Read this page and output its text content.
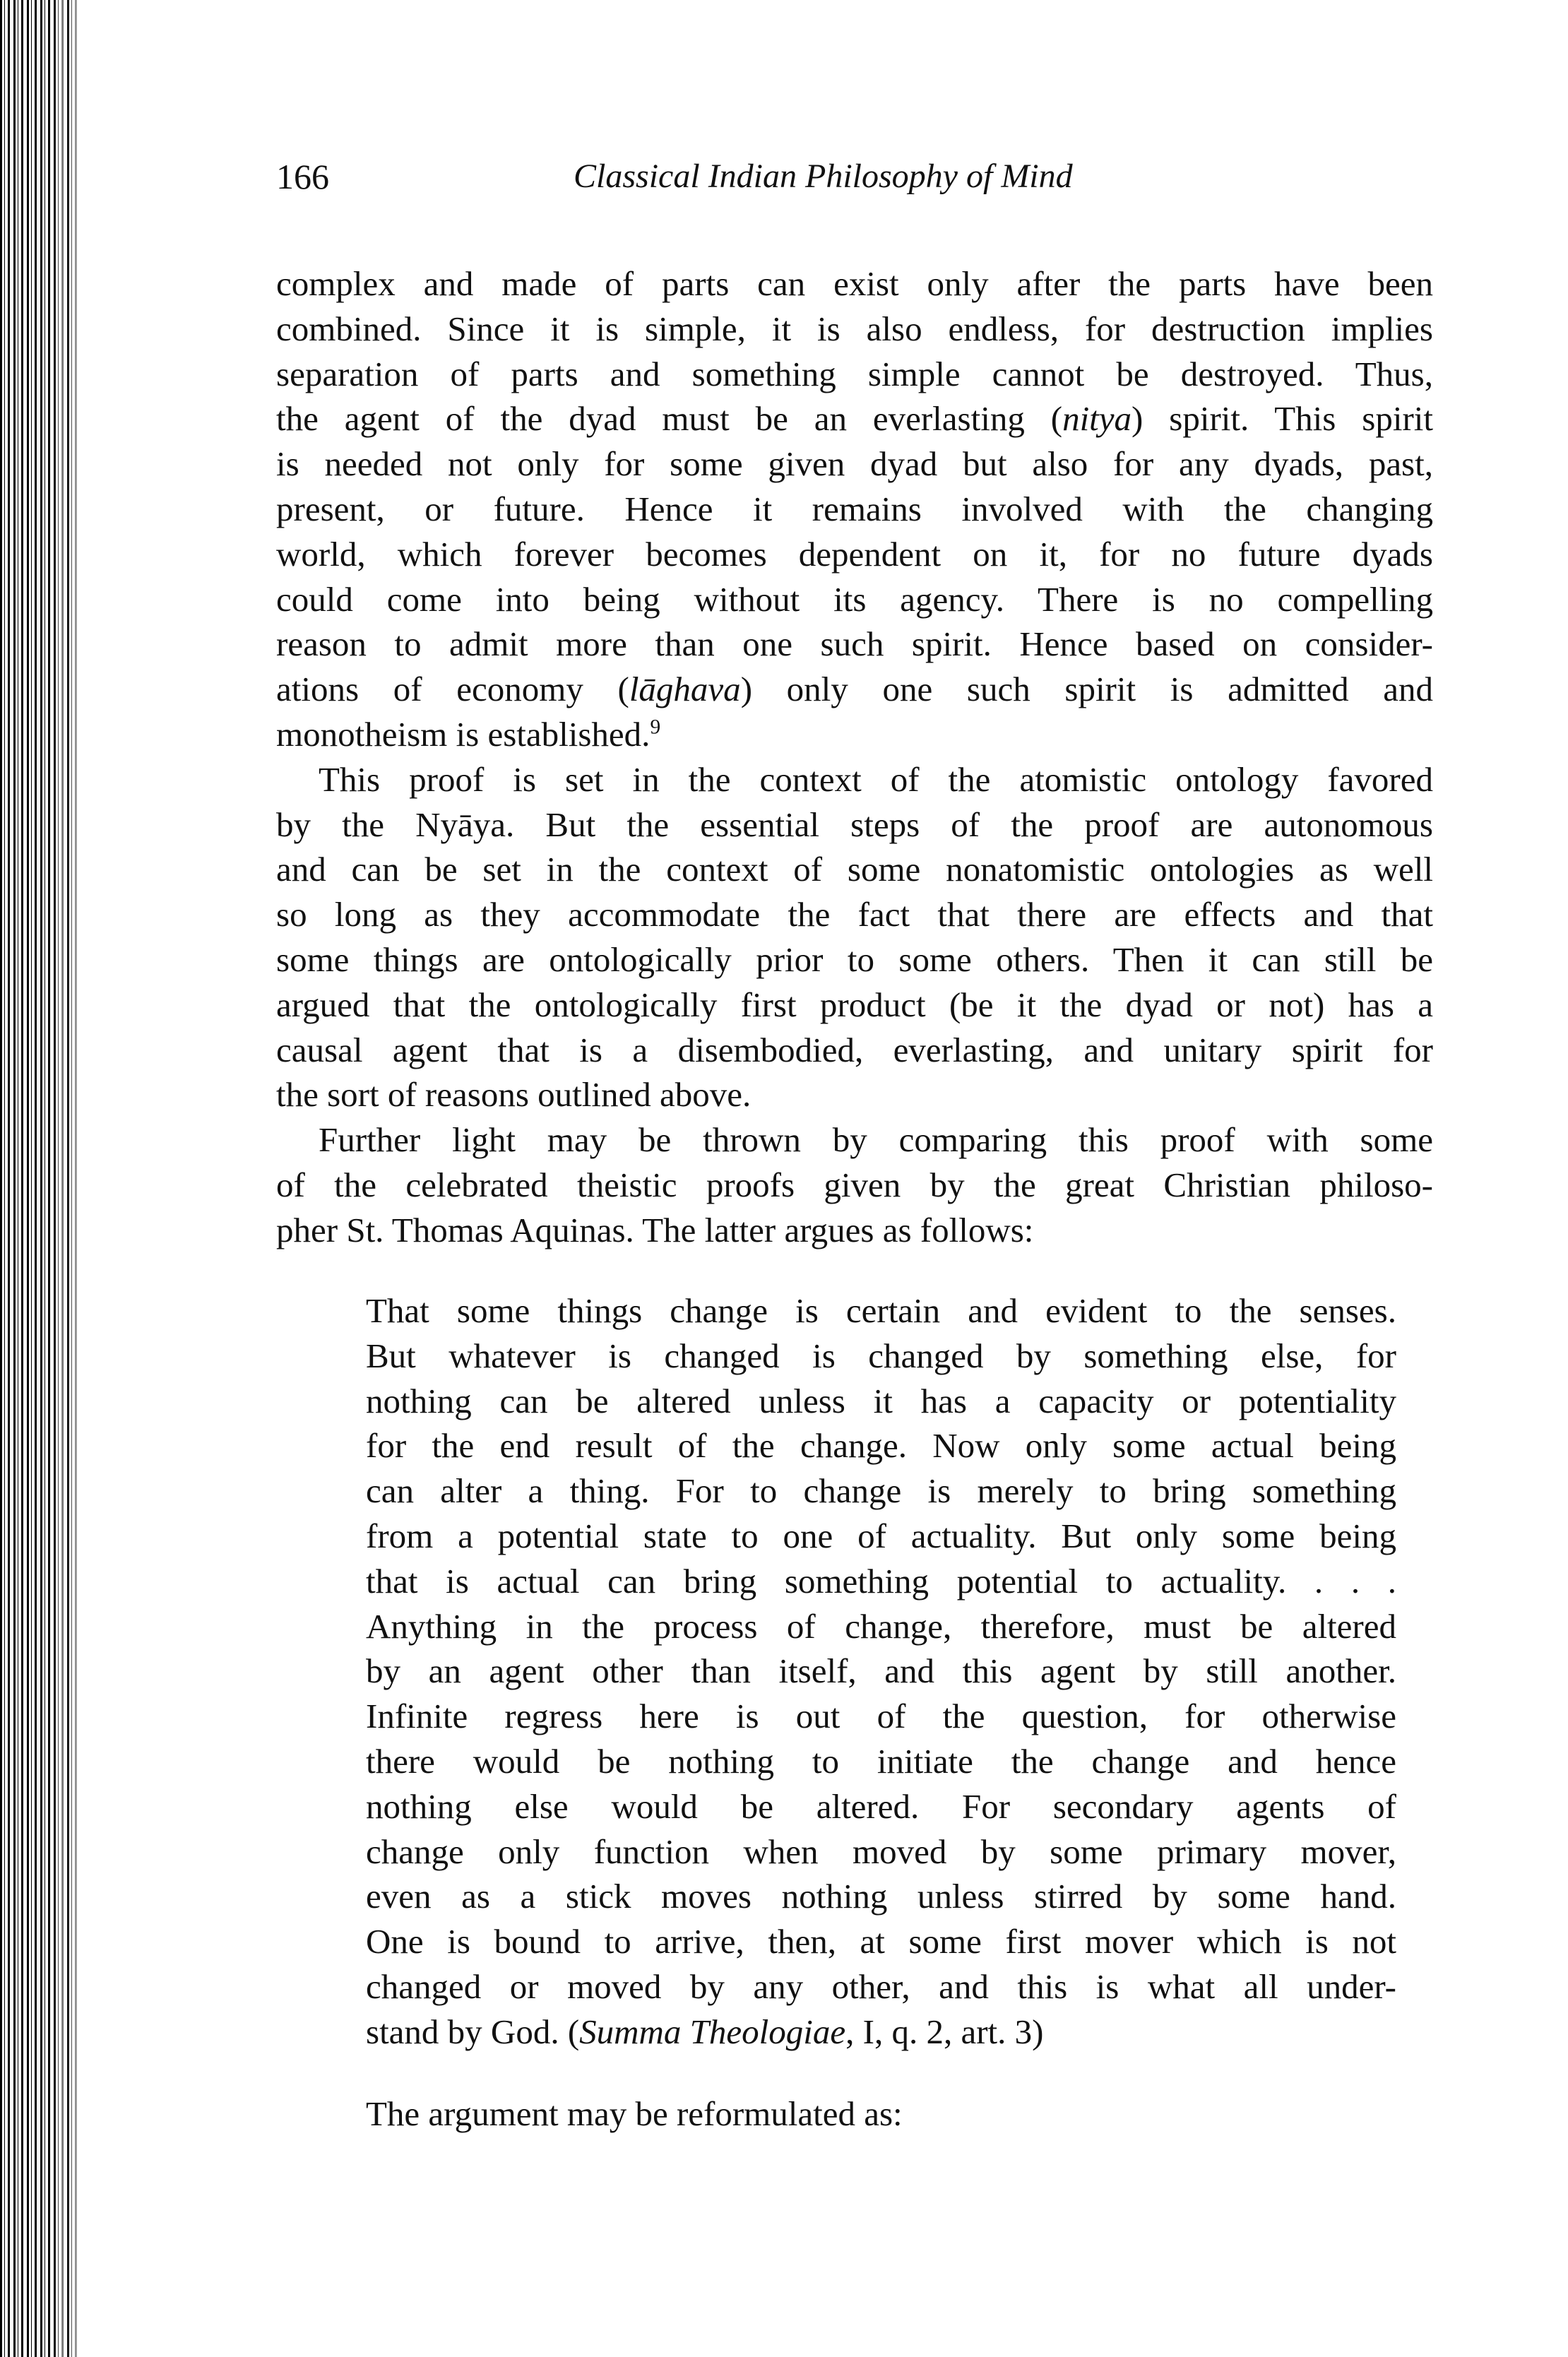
166	Classical Indian Philosophy of Mind
complex and made of parts can exist only after the parts have been
combined. Since it is simple, it is also endless, for destruction implies
separation of parts and something simple cannot be destroyed. Thus,
the agent of the dyad must be an everlasting (nitya) spirit. This spirit
is needed not only for some given dyad but also for any dyads, past,
present, or future. Hence it remains involved with the changing
world, which forever becomes dependent on it, for no future dyads
could come into being without its agency. There is no compelling
reason to admit more than one such spirit. Hence based on consider-
ations of economy (lāghava) only one such spirit is admitted and
monotheism is established.$^9$
This proof is set in the context of the atomistic ontology favored
by the Nyāya. But the essential steps of the proof are autonomous
and can be set in the context of some nonatomistic ontologies as well
so long as they accommodate the fact that there are effects and that
some things are ontologically prior to some others. Then it can still be
argued that the ontologically first product (be it the dyad or not) has a
causal agent that is a disembodied, everlasting, and unitary spirit for
the sort of reasons outlined above.
Further light may be thrown by comparing this proof with some
of the celebrated theistic proofs given by the great Christian philoso-
pher St. Thomas Aquinas. The latter argues as follows:
That some things change is certain and evident to the senses.
But whatever is changed is changed by something else, for
nothing can be altered unless it has a capacity or potentiality
for the end result of the change. Now only some actual being
can alter a thing. For to change is merely to bring something
from a potential state to one of actuality. But only some being
that is actual can bring something potential to actuality. . . .
Anything in the process of change, therefore, must be altered
by an agent other than itself, and this agent by still another.
Infinite regress here is out of the question, for otherwise
there would be nothing to initiate the change and hence
nothing else would be altered. For secondary agents of
change only function when moved by some primary mover,
even as a stick moves nothing unless stirred by some hand.
One is bound to arrive, then, at some first mover which is not
changed or moved by any other, and this is what all under-
stand by God. (Summa Theologiae, I, q. 2, art. 3)
The argument may be reformulated as:
